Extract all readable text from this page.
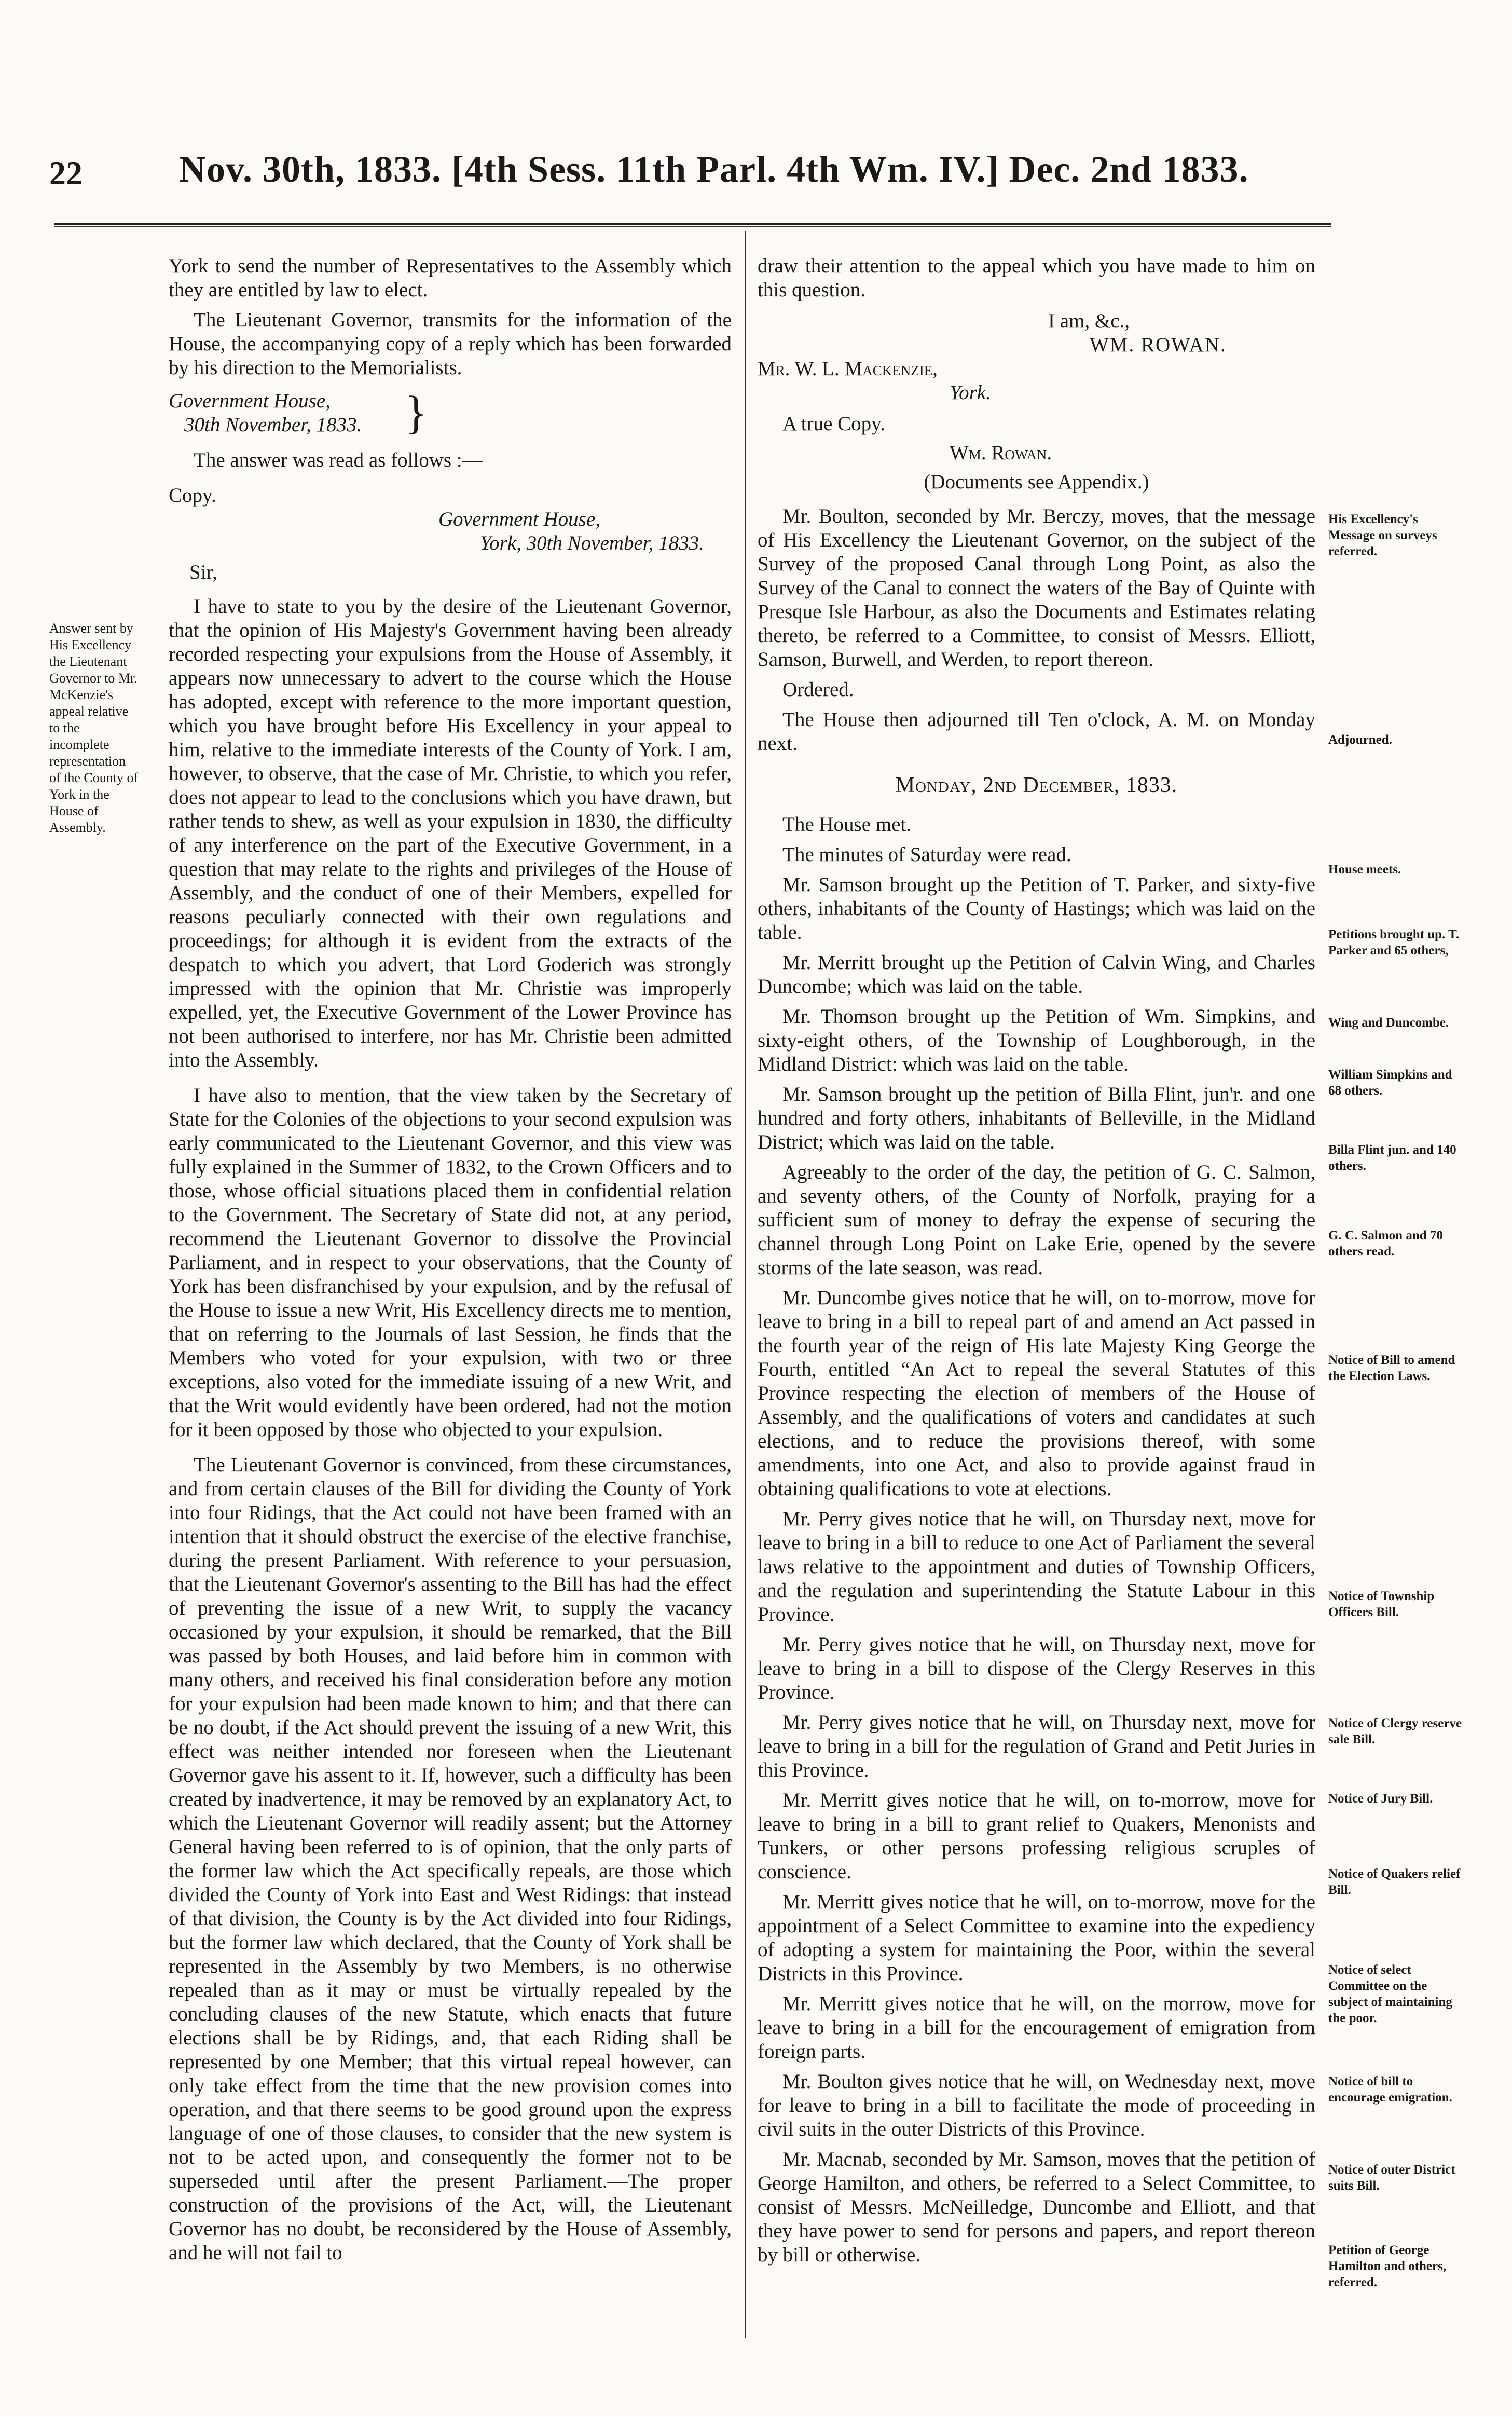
22	Nov. 30th, 1833. [4th Sess. 11th Parl. 4th Wm. IV.] Dec. 2nd 1833.

York to send the number of Representatives to the Assembly which they are entitled by law to elect.

The Lieutenant Governor, transmits for the information of the House, the accompanying copy of a reply which has been forwarded by his direction to the Memorialists.

Government House,
30th November, 1833. }

The answer was read as follows :—

Copy.

Government House,
York, 30th November, 1833.

Sir,

I have to state to you by the desire of the Lieutenant Governor, that the opinion of His Majesty's Government having been already recorded respecting your expulsions from the House of Assembly, it appears now unnecessary to advert to the course which the House has adopted, except with reference to the more important question, which you have brought before His Excellency in your appeal to him, relative to the immediate interests of the County of York. I am, however, to observe, that the case of Mr. Christie, to which you refer, does not appear to lead to the conclusions which you have drawn, but rather tends to shew, as well as your expulsion in 1830, the difficulty of any interference on the part of the Executive Government, in a question that may relate to the rights and privileges of the House of Assembly, and the conduct of one of their Members, expelled for reasons peculiarly connected with their own regulations and proceedings; for although it is evident from the extracts of the despatch to which you advert, that Lord Goderich was strongly impressed with the opinion that Mr. Christie was improperly expelled, yet, the Executive Government of the Lower Province has not been authorised to interfere, nor has Mr. Christie been admitted into the Assembly.

I have also to mention, that the view taken by the Secretary of State for the Colonies of the objections to your second expulsion was early communicated to the Lieutenant Governor, and this view was fully explained in the Summer of 1832, to the Crown Officers and to those, whose official situations placed them in confidential relation to the Government. The Secretary of State did not, at any period, recommend the Lieutenant Governor to dissolve the Provincial Parliament, and in respect to your observations, that the County of York has been disfranchised by your expulsion, and by the refusal of the House to issue a new Writ, His Excellency directs me to mention, that on referring to the Journals of last Session, he finds that the Members who voted for your expulsion, with two or three exceptions, also voted for the immediate issuing of a new Writ, and that the Writ would evidently have been ordered, had not the motion for it been opposed by those who objected to your expulsion.

The Lieutenant Governor is convinced, from these circumstances, and from certain clauses of the Bill for dividing the County of York into four Ridings, that the Act could not have been framed with an intention that it should obstruct the exercise of the elective franchise, during the present Parliament. With reference to your persuasion, that the Lieutenant Governor's assenting to the Bill has had the effect of preventing the issue of a new Writ, to supply the vacancy occasioned by your expulsion, it should be remarked, that the Bill was passed by both Houses, and laid before him in common with many others, and received his final consideration before any motion for your expulsion had been made known to him; and that there can be no doubt, if the Act should prevent the issuing of a new Writ, this effect was neither intended nor foreseen when the Lieutenant Governor gave his assent to it. If, however, such a difficulty has been created by inadvertence, it may be removed by an explanatory Act, to which the Lieutenant Governor will readily assent; but the Attorney General having been referred to is of opinion, that the only parts of the former law which the Act specifically repeals, are those which divided the County of York into East and West Ridings: that instead of that division, the County is by the Act divided into four Ridings, but the former law which declared, that the County of York shall be represented in the Assembly by two Members, is no otherwise repealed than as it may or must be virtually repealed by the concluding clauses of the new Statute, which enacts that future elections shall be by Ridings, and, that each Riding shall be represented by one Member; that this virtual repeal however, can only take effect from the time that the new provision comes into operation, and that there seems to be good ground upon the express language of one of those clauses, to consider that the new system is not to be acted upon, and consequently the former not to be superseded until after the present Parliament.—The proper construction of the provisions of the Act, will, the Lieutenant Governor has no doubt, be reconsidered by the House of Assembly, and he will not fail to

Answer sent by His Excellency the Lieutenant Governor to Mr. McKenzie's appeal relative to the incomplete representation of the County of York in the House of Assembly.

draw their attention to the appeal which you have made to him on this question.

I am, &c.,
WM. ROWAN.
Mr. W. L. Mackenzie,
York.
A true Copy.
Wm. Rowan.
(Documents see Appendix.)

Mr. Boulton, seconded by Mr. Berczy, moves, that the message of His Excellency the Lieutenant Governor, on the subject of the Survey of the proposed Canal through Long Point, as also the Survey of the Canal to connect the waters of the Bay of Quinte with Presque Isle Harbour, as also the Documents and Estimates relating thereto, be referred to a Committee, to consist of Messrs. Elliott, Samson, Burwell, and Werden, to report thereon.

Ordered.

The House then adjourned till Ten o'clock, A. M. on Monday next.

Monday, 2nd December, 1833.

The House met.

The minutes of Saturday were read.

Mr. Samson brought up the Petition of T. Parker, and sixty-five others, inhabitants of the County of Hastings; which was laid on the table.

Mr. Merritt brought up the Petition of Calvin Wing, and Charles Duncombe; which was laid on the table.

Mr. Thomson brought up the Petition of Wm. Simpkins, and sixty-eight others, of the Township of Loughborough, in the Midland District: which was laid on the table.

Mr. Samson brought up the petition of Billa Flint, jun'r. and one hundred and forty others, inhabitants of Belleville, in the Midland District; which was laid on the table.

Agreeably to the order of the day, the petition of G. C. Salmon, and seventy others, of the County of Norfolk, praying for a sufficient sum of money to defray the expense of securing the channel through Long Point on Lake Erie, opened by the severe storms of the late season, was read.

Mr. Duncombe gives notice that he will, on to-morrow, move for leave to bring in a bill to repeal part of and amend an Act passed in the fourth year of the reign of His late Majesty King George the Fourth, entitled “An Act to repeal the several Statutes of this Province respecting the election of members of the House of Assembly, and the qualifications of voters and candidates at such elections, and to reduce the provisions thereof, with some amendments, into one Act, and also to provide against fraud in obtaining qualifications to vote at elections.

Mr. Perry gives notice that he will, on Thursday next, move for leave to bring in a bill to reduce to one Act of Parliament the several laws relative to the appointment and duties of Township Officers, and the regulation and superintending the Statute Labour in this Province.

Mr. Perry gives notice that he will, on Thursday next, move for leave to bring in a bill to dispose of the Clergy Reserves in this Province.

Mr. Perry gives notice that he will, on Thursday next, move for leave to bring in a bill for the regulation of Grand and Petit Juries in this Province.

Mr. Merritt gives notice that he will, on to-morrow, move for leave to bring in a bill to grant relief to Quakers, Menonists and Tunkers, or other persons professing religious scruples of conscience.

Mr. Merritt gives notice that he will, on to-morrow, move for the appointment of a Select Committee to examine into the expediency of adopting a system for maintaining the Poor, within the several Districts in this Province.

Mr. Merritt gives notice that he will, on the morrow, move for leave to bring in a bill for the encouragement of emigration from foreign parts.

Mr. Boulton gives notice that he will, on Wednesday next, move for leave to bring in a bill to facilitate the mode of proceeding in civil suits in the outer Districts of this Province.

Mr. Macnab, seconded by Mr. Samson, moves that the petition of George Hamilton, and others, be referred to a Select Committee, to consist of Messrs. McNeilledge, Duncombe and Elliott, and that they have power to send for persons and papers, and report thereon by bill or otherwise.

His Excellency's Message on surveys referred.
Adjourned.
House meets.
Petitions brought up. T. Parker and 65 others,
Wing and Duncombe.
William Simpkins and 68 others.
Billa Flint jun. and 140 others.
G. C. Salmon and 70 others read.
Notice of Bill to amend the Election Laws.
Notice of Township Officers Bill.
Notice of Clergy reserve sale Bill.
Notice of Jury Bill.
Notice of Quakers relief Bill.
Notice of select Committee on the subject of maintaining the poor.
Notice of bill to encourage emigration.
Notice of outer District suits Bill.
Petition of George Hamilton and others, referred.
